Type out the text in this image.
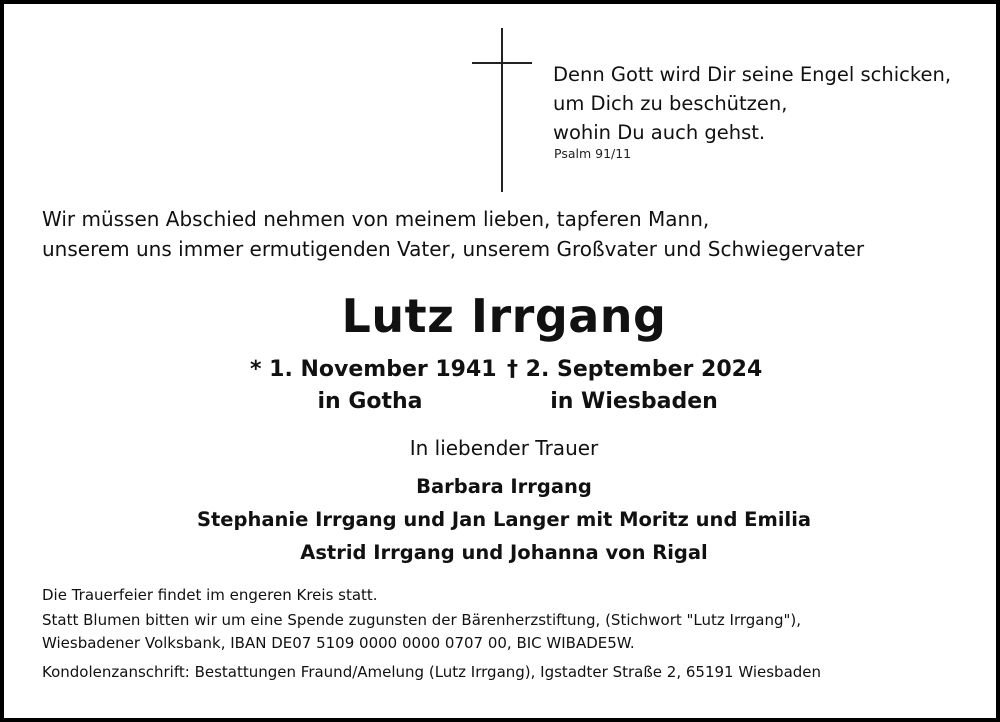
Denn Gott wird Dir seine Engel schicken,
um Dich zu beschützen,
wohin Du auch gehst.
Psalm 91/11
Wir müssen Abschied nehmen von meinem lieben, tapferen Mann,
unserem uns immer ermutigenden Vater, unserem Großvater und Schwiegervater
Lutz Irrgang
* 1. November 1941
in Gotha
† 2. September 2024
in Wiesbaden
In liebender Trauer
Barbara Irrgang
Stephanie Irrgang und Jan Langer mit Moritz und Emilia
Astrid Irrgang und Johanna von Rigal
Die Trauerfeier findet im engeren Kreis statt.
Statt Blumen bitten wir um eine Spende zugunsten der Bärenherzstiftung, (Stichwort "Lutz Irrgang"),
Wiesbadener Volksbank, IBAN DE07 5109 0000 0000 0707 00, BIC WIBADE5W.
Kondolenzanschrift: Bestattungen Fraund/Amelung (Lutz Irrgang), Igstadter Straße 2, 65191 Wiesbaden
